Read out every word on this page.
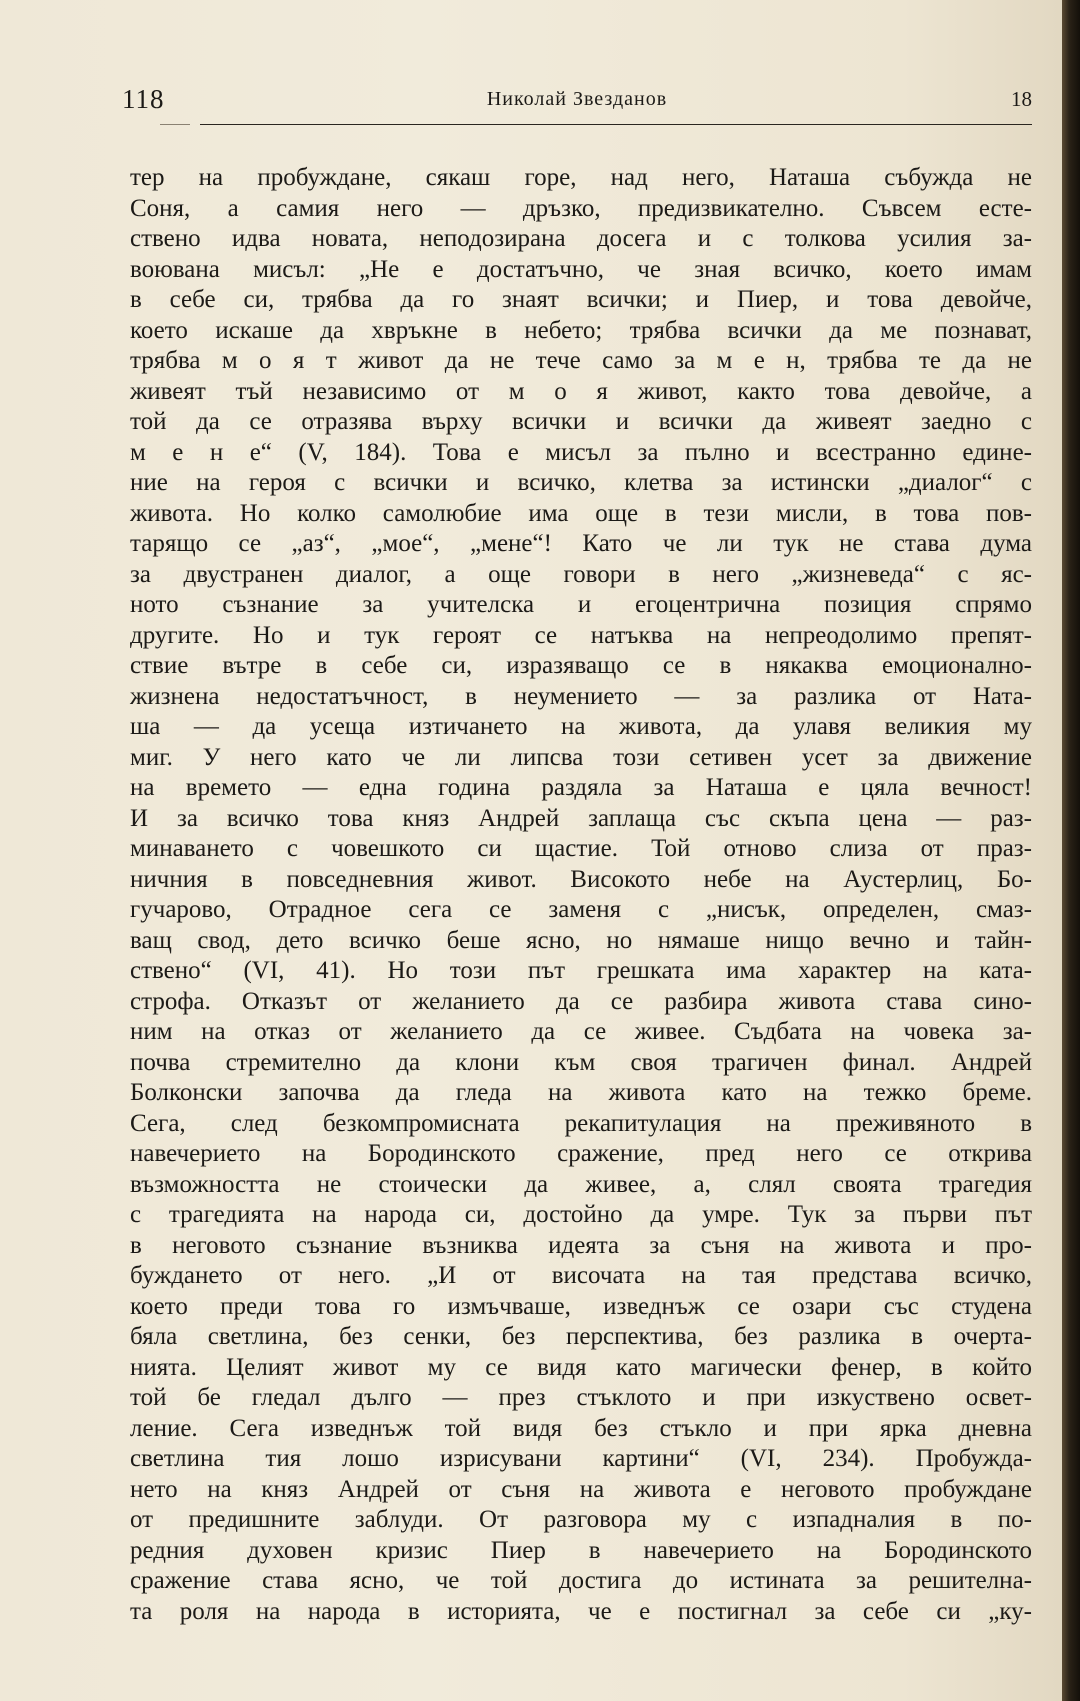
118	Николай Звезданов	18
тер на пробуждане, сякаш горе, над него, Наташа събужда не
Соня, а самия него — дръзко, предизвикателно. Съвсем есте-
ствено идва новата, неподозирана досега и с толкова усилия за-
воювана мисъл: „Не е достатъчно, че зная всичко, което имам
в себе си, трябва да го знаят всички; и Пиер, и това девойче,
което искаше да хвръкне в небето; трябва всички да ме познават,
трябва м о я т живот да не тече само за м е н, трябва те да не
живеят тъй независимо от м о я живот, както това девойче, а
той да се отразява върху всички и всички да живеят заедно с
м е н е“ (V, 184). Това е мисъл за пълно и всестранно едине-
ние на героя с всички и всичко, клетва за истински „диалог“ с
живота. Но колко самолюбие има още в тези мисли, в това пов-
тарящо се „аз“, „мое“, „мене“! Като че ли тук не става дума
за двустранен диалог, а още говори в него „жизневеда“ с яс-
ното съзнание за учителска и егоцентрична позиция спрямо
другите. Но и тук героят се натъква на непреодолимо препят-
ствие вътре в себе си, изразяващо се в някаква емоционално-
жизнена недостатъчност, в неумението — за разлика от Ната-
ша — да усеща изтичането на живота, да улавя великия му
миг. У него като че ли липсва този сетивен усет за движение
на времето — една година раздяла за Наташа е цяла вечност!
И за всичко това княз Андрей заплаща със скъпа цена — раз-
минаването с човешкото си щастие. Той отново слиза от праз-
ничния в повседневния живот. Високото небе на Аустерлиц, Бо-
гучарово, Отрадное сега се заменя с „нисък, определен, смаз-
ващ свод, дето всичко беше ясно, но нямаше нищо вечно и тайн-
ствено“ (VI, 41). Но този път грешката има характер на ката-
строфа. Отказът от желанието да се разбира живота става сино-
ним на отказ от желанието да се живее. Съдбата на човека за-
почва стремително да клони към своя трагичен финал. Андрей
Болконски започва да гледа на живота като на тежко бреме.
Сега, след безкомпромисната рекапитулация на преживяното в
навечерието на Бородинското сражение, пред него се открива
възможността не стоически да живее, а, слял своята трагедия
с трагедията на народа си, достойно да умре. Тук за първи път
в неговото съзнание възниква идеята за съня на живота и про-
буждането от него. „И от височата на тая представа всичко,
което преди това го измъчваше, изведнъж се озари със студена
бяла светлина, без сенки, без перспектива, без разлика в очерта-
нията. Целият живот му се видя като магически фенер, в който
той бе гледал дълго — през стъклото и при изкуствено освет-
ление. Сега изведнъж той видя без стъкло и при ярка дневна
светлина тия лошо изрисувани картини“ (VI, 234). Пробужда-
нето на княз Андрей от съня на живота е неговото пробуждане
от предишните заблуди. От разговора му с изпадналия в по-
редния духовен кризис Пиер в навечерието на Бородинското
сражение става ясно, че той достига до истината за решителна-
та роля на народа в историята, че е постигнал за себе си „ку-
